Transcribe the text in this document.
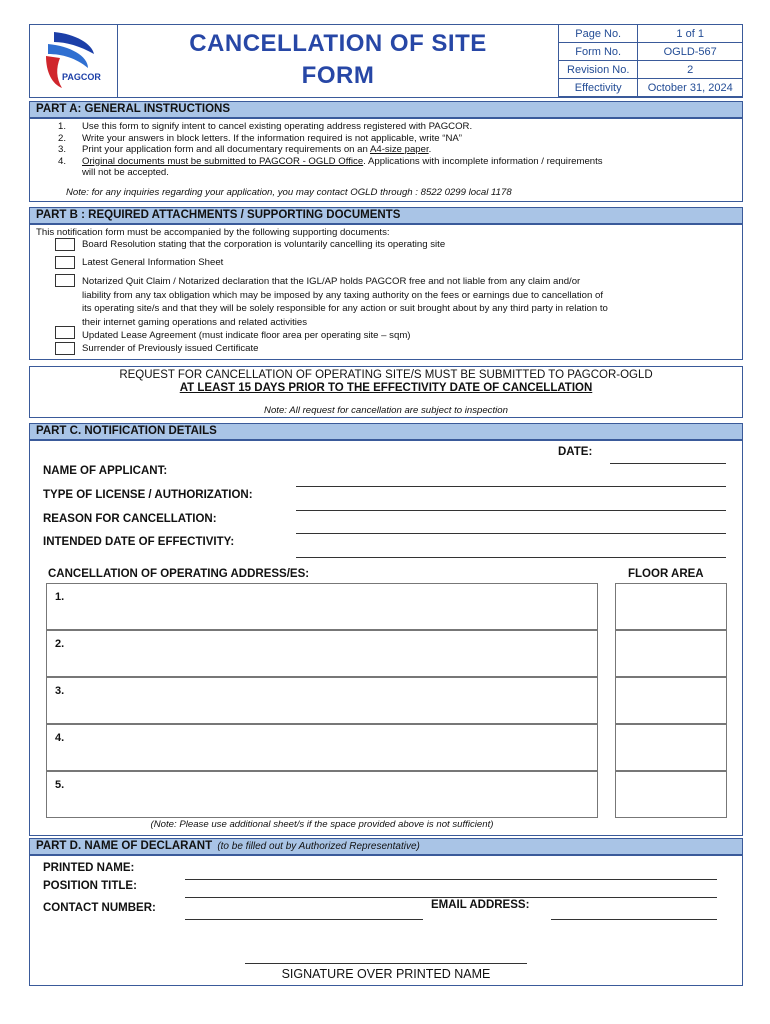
PAGCOR
CANCELLATION OF SITE
FORM
Page No.	1 of 1
Form No.	OGLD-567
Revision No.	2
Effectivity	October 31, 2024
PART A: GENERAL INSTRUCTIONS
1. Use this form to signify intent to cancel existing operating address registered with PAGCOR.
2. Write your answers in block letters. If the information required is not applicable, write “NA”
3. Print your application form and all documentary requirements on an A4-size paper.
4. Original documents must be submitted to PAGCOR - OGLD Office. Applications with incomplete information / requirements
will not be accepted.
Note: for any inquiries regarding your application, you may contact OGLD through : 8522 0299 local 1178
PART B : REQUIRED ATTACHMENTS / SUPPORTING DOCUMENTS
This notification form must be accompanied by the following supporting documents:
Board Resolution stating that the corporation is voluntarily cancelling its operating site
Latest General Information Sheet
Notarized Quit Claim / Notarized declaration that the IGL/AP holds PAGCOR free and not liable from any claim and/or
liability from any tax obligation which may be imposed by any taxing authority on the fees or earnings due to cancellation of
its operating site/s and that they will be solely responsible for any action or suit brought about by any third party in relation to
their internet gaming operations and related activities
Updated Lease Agreement (must indicate floor area per operating site – sqm)
Surrender of Previously issued Certificate
REQUEST FOR CANCELLATION OF OPERATING SITE/S MUST BE SUBMITTED TO PAGCOR-OGLD
AT LEAST 15 DAYS PRIOR TO THE EFFECTIVITY DATE OF CANCELLATION
Note: All request for cancellation are subject to inspection
PART C. NOTIFICATION DETAILS
DATE:
NAME OF APPLICANT:
TYPE OF LICENSE / AUTHORIZATION:
REASON FOR CANCELLATION:
INTENDED DATE OF EFFECTIVITY:
CANCELLATION OF OPERATING ADDRESS/ES:	FLOOR AREA
1.
2.
3.
4.
5.
(Note: Please use additional sheet/s if the space provided above is not sufficient)
PART D. NAME OF DECLARANT (to be filled out by Authorized Representative)
PRINTED NAME:
POSITION TITLE:
CONTACT NUMBER:	EMAIL ADDRESS:
SIGNATURE OVER PRINTED NAME
